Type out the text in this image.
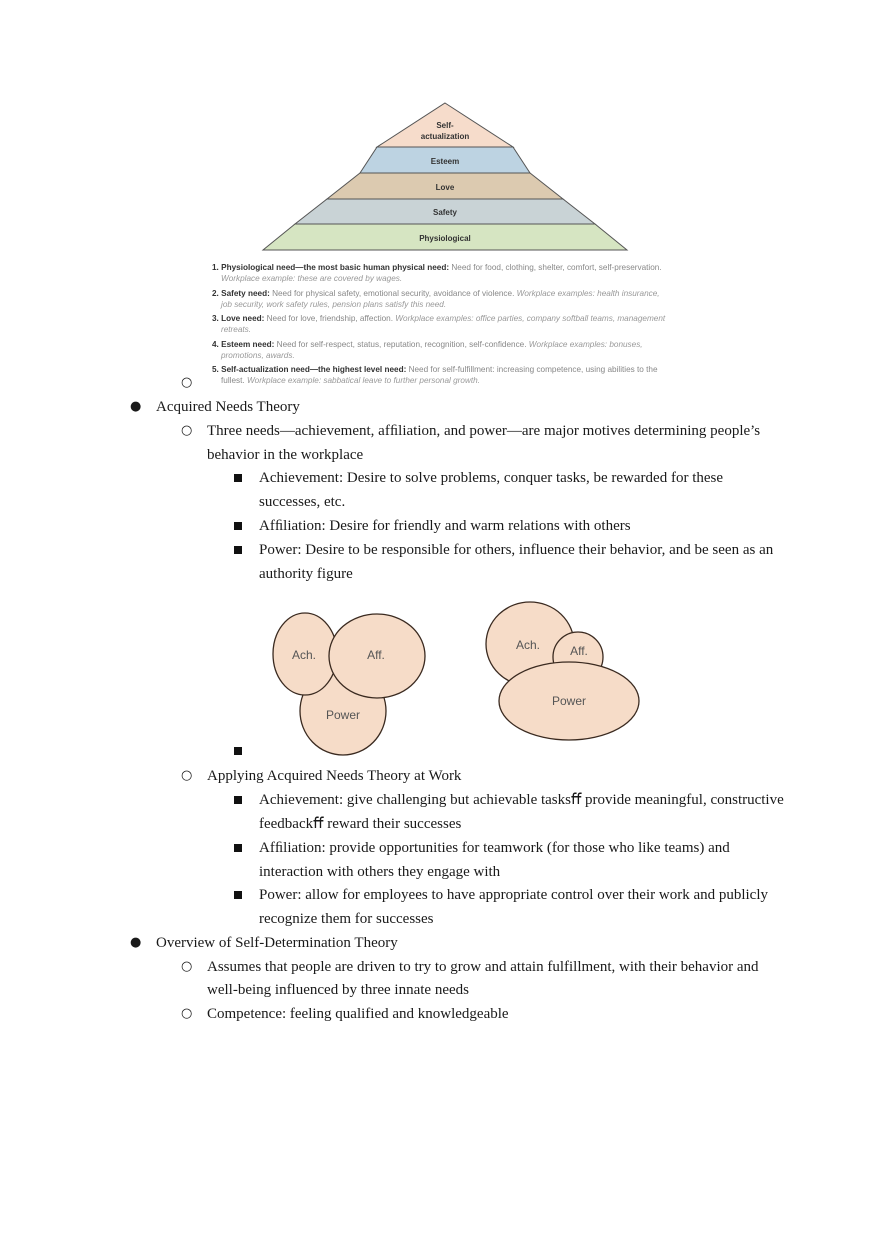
Self-
actualization
Esteem
Love
Safety
Physiological
1. Physiological need—the most basic human physical need: Need for food, clothing, shelter, comfort, self-preservation. Workplace example: these are covered by wages.
2. Safety need: Need for physical safety, emotional security, avoidance of violence. Workplace examples: health insurance, job security, work safety rules, pension plans satisfy this need.
3. Love need: Need for love, friendship, affection. Workplace examples: office parties, company softball teams, management retreats.
4. Esteem need: Need for self-respect, status, reputation, recognition, self-confidence. Workplace examples: bonuses, promotions, awards.
5. Self-actualization need—the highest level need: Need for self-fulfillment: increasing competence, using abilities to the fullest. Workplace example: sabbatical leave to further personal growth.
○
● Acquired Needs Theory
○ Three needs—achievement, afﬁliation, and power—are major motives determining people’s
behavior in the workplace
Achievement: Desire to solve problems, conquer tasks, be rewarded for these
successes, etc.
Afﬁliation: Desire for friendly and warm relations with others
Power: Desire to be responsible for others, influence their behavior, and be seen as an
authority figure
Ach.	Aff.
Power
Ach.	Aff.
Power
○ Applying Acquired Needs Theory at Work
Achievement: give challenging but achievable tasksﬀ provide meaningful, constructive
feedbackﬀ reward their successes
Afﬁliation: provide opportunities for teamwork (for those who like teams) and
interaction with others they engage with
Power: allow for employees to have appropriate control over their work and publicly
recognize them for successes
● Overview of Self-Determination Theory
○ Assumes that people are driven to try to grow and attain fulfillment, with their behavior and
well-being influenced by three innate needs
○ Competence: feeling qualified and knowledgeable
